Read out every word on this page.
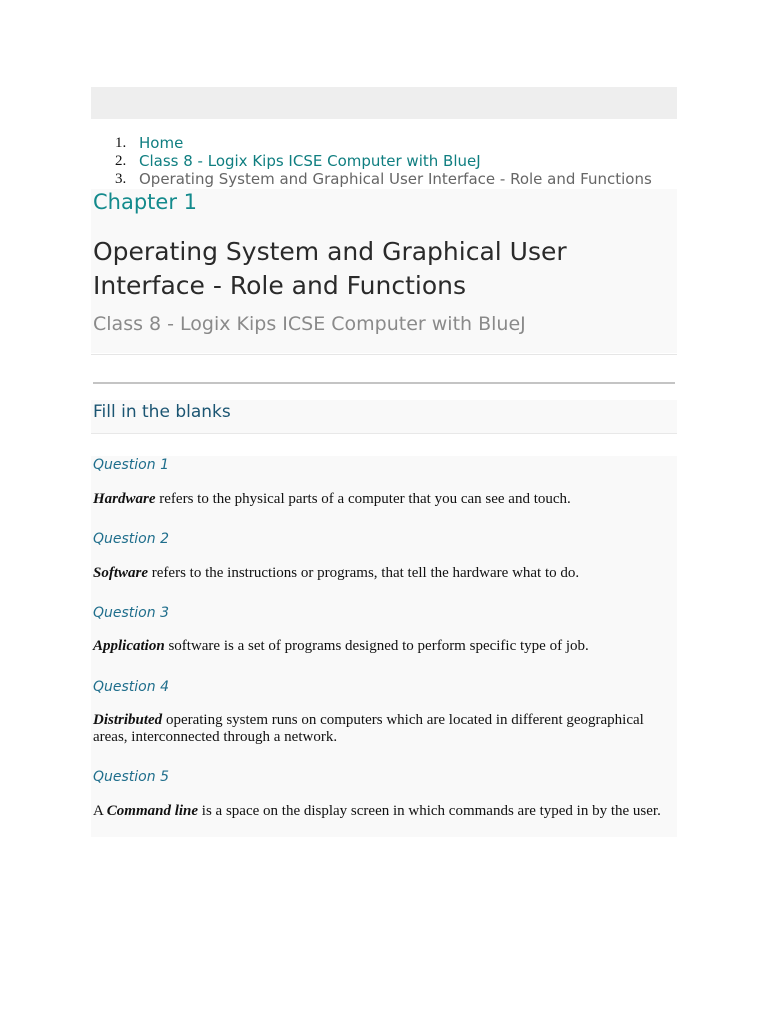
1. Home
2. Class 8 - Logix Kips ICSE Computer with BlueJ
3. Operating System and Graphical User Interface - Role and Functions
Chapter 1
Operating System and Graphical User Interface - Role and Functions
Class 8 - Logix Kips ICSE Computer with BlueJ
Fill in the blanks
Question 1
Hardware refers to the physical parts of a computer that you can see and touch.
Question 2
Software refers to the instructions or programs, that tell the hardware what to do.
Question 3
Application software is a set of programs designed to perform specific type of job.
Question 4
Distributed operating system runs on computers which are located in different geographical areas, interconnected through a network.
Question 5
A Command line is a space on the display screen in which commands are typed in by the user.
